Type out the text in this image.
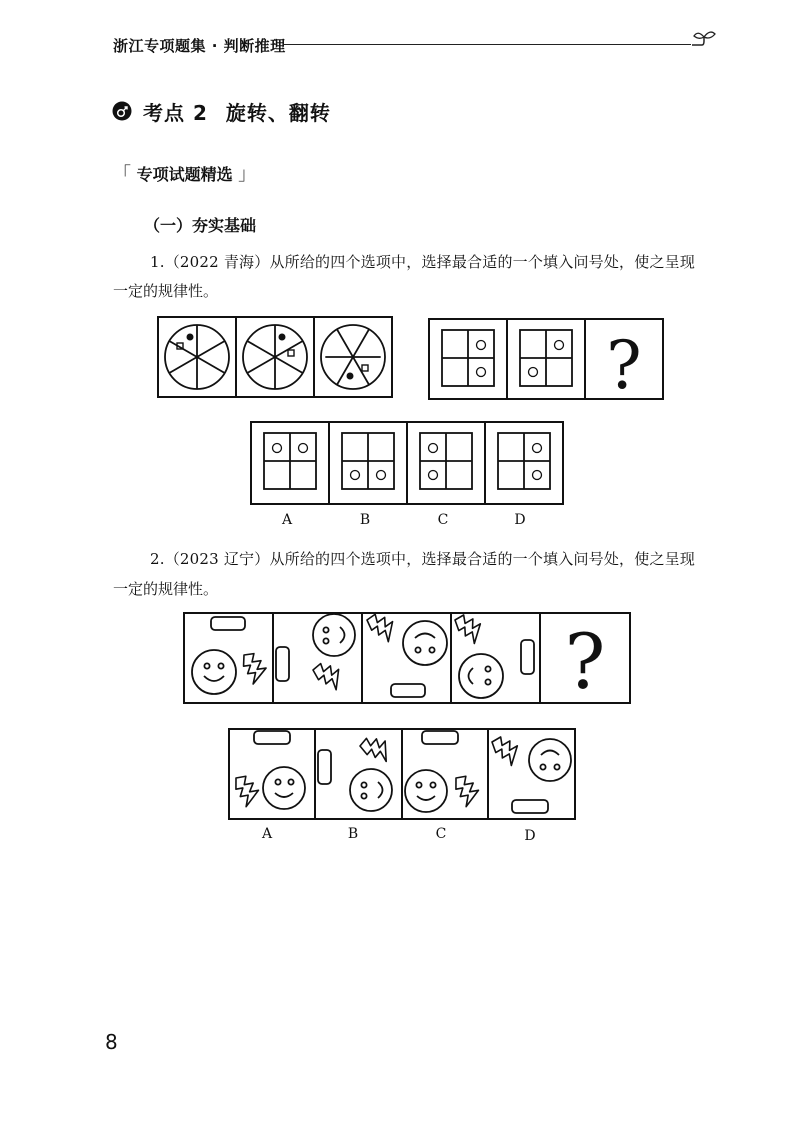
浙江专项题集 · 判断推理
考点 2 旋转、翻转
「 专项试题精选 」
（一）夯实基础
1.（2022 青海）从所给的四个选项中，选择最合适的一个填入问号处，使之呈现
一定的规律性。
?
A	B	C	D
2.（2023 辽宁）从所给的四个选项中，选择最合适的一个填入问号处，使之呈现
一定的规律性。
?
A	B	C	D
8
